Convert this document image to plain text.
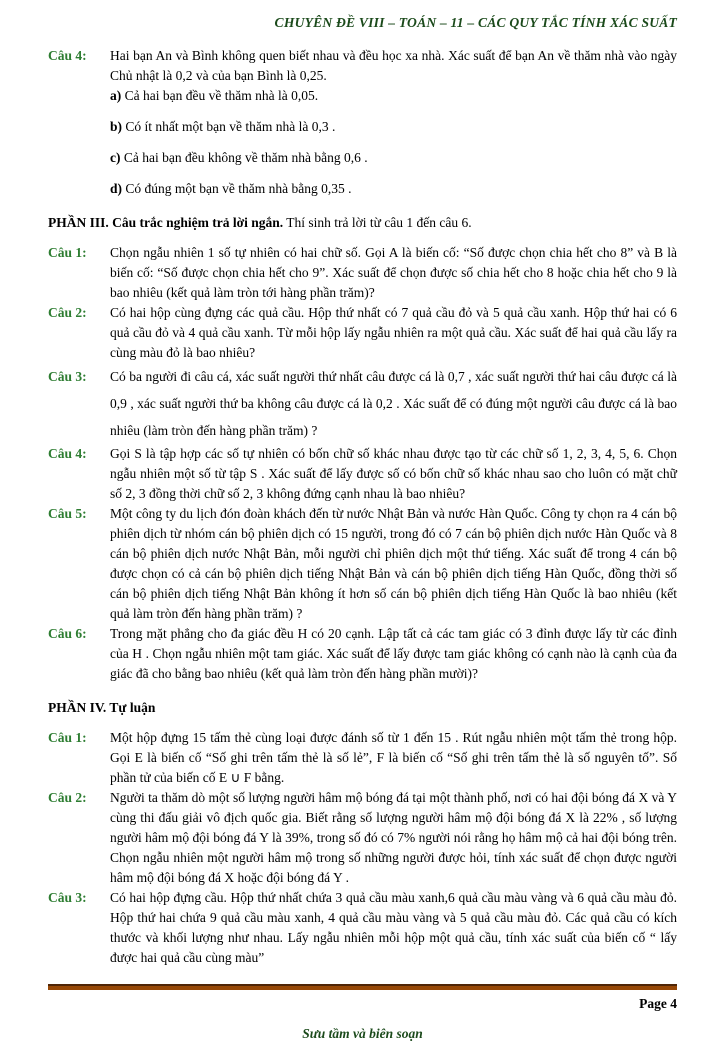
CHUYÊN ĐỀ VIII – TOÁN – 11 – CÁC QUY TẮC TÍNH XÁC SUẤT
Câu 4:	Hai bạn An và Bình không quen biết nhau và đều học xa nhà. Xác suất để bạn An về thăm nhà vào ngày Chủ nhật là 0,2 và của bạn Bình là 0,25.
a) Cả hai bạn đều về thăm nhà là 0,05.
b) Có ít nhất một bạn về thăm nhà là 0,3 .
c) Cả hai bạn đều không về thăm nhà bằng 0,6 .
d) Có đúng một bạn về thăm nhà bằng 0,35 .
PHẦN III. Câu trắc nghiệm trả lời ngắn. Thí sinh trả lời từ câu 1 đến câu 6.
Câu 1:	Chọn ngẫu nhiên 1 số tự nhiên có hai chữ số. Gọi A là biến cố: “Số được chọn chia hết cho 8” và B là biến cố: “Số được chọn chia hết cho 9”. Xác suất để chọn được số chia hết cho 8 hoặc chia hết cho 9 là bao nhiêu (kết quả làm tròn tới hàng phần trăm)?
Câu 2:	Có hai hộp cùng đựng các quả cầu. Hộp thứ nhất có 7 quả cầu đỏ và 5 quả cầu xanh. Hộp thứ hai có 6 quả cầu đỏ và 4 quả cầu xanh. Từ mỗi hộp lấy ngẫu nhiên ra một quả cầu. Xác suất để hai quả cầu lấy ra cùng màu đỏ là bao nhiêu?
Câu 3:	Có ba người đi câu cá, xác suất người thứ nhất câu được cá là 0,7 , xác suất người thứ hai câu được cá là 0,9 , xác suất người thứ ba không câu được cá là 0,2 . Xác suất để có đúng một người câu được cá là bao nhiêu (làm tròn đến hàng phần trăm) ?
Câu 4:	Gọi S là tập hợp các số tự nhiên có bốn chữ số khác nhau được tạo từ các chữ số 1, 2, 3, 4, 5, 6. Chọn ngẫu nhiên một số từ tập S . Xác suất để lấy được số có bốn chữ số khác nhau sao cho luôn có mặt chữ số 2, 3 đồng thời chữ số 2, 3 không đứng cạnh nhau là bao nhiêu?
Câu 5:	Một công ty du lịch đón đoàn khách đến từ nước Nhật Bản và nước Hàn Quốc. Công ty chọn ra 4 cán bộ phiên dịch từ nhóm cán bộ phiên dịch có 15 người, trong đó có 7 cán bộ phiên dịch nước Hàn Quốc và 8 cán bộ phiên dịch nước Nhật Bản, mỗi người chỉ phiên dịch một thứ tiếng. Xác suất để trong 4 cán bộ được chọn có cả cán bộ phiên dịch tiếng Nhật Bản và cán bộ phiên dịch tiếng Hàn Quốc, đồng thời số cán bộ phiên dịch tiếng Nhật Bản không ít hơn số cán bộ phiên dịch tiếng Hàn Quốc là bao nhiêu (kết quả làm tròn đến hàng phần trăm) ?
Câu 6:	Trong mặt phẳng cho đa giác đều H có 20 cạnh. Lập tất cả các tam giác có 3 đỉnh được lấy từ các đỉnh của H . Chọn ngẫu nhiên một tam giác. Xác suất để lấy được tam giác không có cạnh nào là cạnh của đa giác đã cho bằng bao nhiêu (kết quả làm tròn đến hàng phần mười)?
PHẦN IV. Tự luận
Câu 1:	Một hộp đựng 15 tấm thẻ cùng loại được đánh số từ 1 đến 15 . Rút ngẫu nhiên một tấm thẻ trong hộp. Gọi E là biến cố “Số ghi trên tấm thẻ là số lẻ”, F là biến cố “Số ghi trên tấm thẻ là số nguyên tố”. Số phần tử của biến cố E ∪ F bằng.
Câu 2:	Người ta thăm dò một số lượng người hâm mộ bóng đá tại một thành phố, nơi có hai đội bóng đá X và Y cùng thi đấu giải vô địch quốc gia. Biết rằng số lượng người hâm mộ đội bóng đá X là 22% , số lượng người hâm mộ đội bóng đá Y là 39%, trong số đó có 7% người nói rằng họ hâm mộ cả hai đội bóng trên. Chọn ngẫu nhiên một người hâm mộ trong số những người được hỏi, tính xác suất để chọn được người hâm mộ đội bóng đá X hoặc đội bóng đá Y .
Câu 3:	Có hai hộp đựng cầu. Hộp thứ nhất chứa 3 quả cầu màu xanh,6 quả cầu màu vàng và 6 quả cầu màu đỏ. Hộp thứ hai chứa 9 quả cầu màu xanh, 4 quả cầu màu vàng và 5 quả cầu màu đỏ. Các quả cầu có kích thước và khối lượng như nhau. Lấy ngẫu nhiên mỗi hộp một quả cầu, tính xác suất của biến cố “ lấy được hai quả cầu cùng màu”
Page 4
Sưu tầm và biên soạn
